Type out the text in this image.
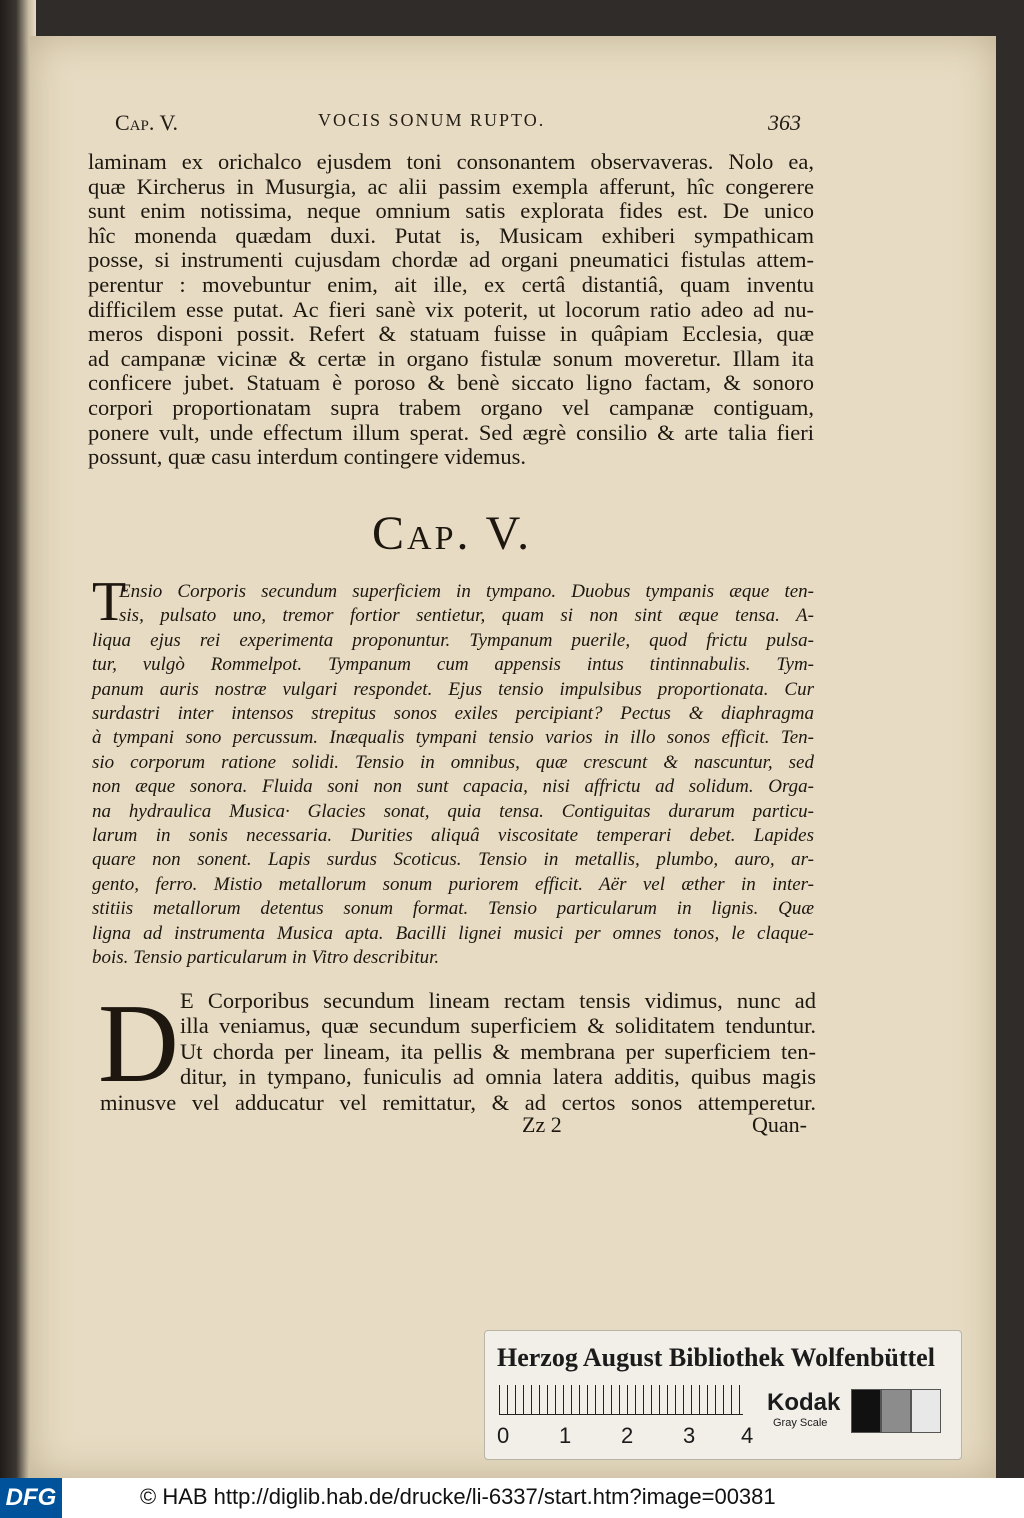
Cap. V.	VOCIS SONUM RUPTO.	363
laminam ex orichalco ejusdem toni consonantem observaveras. Nolo ea,
quæ Kircherus in Musurgia, ac alii passim exempla afferunt, hîc congerere
sunt enim notissima, neque omnium satis explorata fides est. De unico
hîc monenda quædam duxi. Putat is, Musicam exhiberi sympathicam
posse, si instrumenti cujusdam chordæ ad organi pneumatici fistulas attem-
perentur : movebuntur enim, ait ille, ex certâ distantiâ, quam inventu
difficilem esse putat. Ac fieri sanè vix poterit, ut locorum ratio adeo ad nu-
meros disponi possit. Refert & statuam fuisse in quâpiam Ecclesia, quæ
ad campanæ vicinæ & certæ in organo fistulæ sonum moveretur. Illam ita
conficere jubet. Statuam è poroso & benè siccato ligno factam, & sonoro
corpori proportionatam supra trabem organo vel campanæ contiguam,
ponere vult, unde effectum illum sperat. Sed ægrè consilio & arte talia fieri
possunt, quæ casu interdum contingere videmus.
Cap. V.
T
Ensio Corporis secundum superficiem in tympano. Duobus tympanis æque ten-
sis, pulsato uno, tremor fortior sentietur, quam si non sint æque tensa. A-
liqua ejus rei experimenta proponuntur. Tympanum puerile, quod frictu pulsa-
tur, vulgò Rommelpot. Tympanum cum appensis intus tintinnabulis. Tym-
panum auris nostræ vulgari respondet. Ejus tensio impulsibus proportionata. Cur
surdastri inter intensos strepitus sonos exiles percipiant? Pectus & diaphragma
à tympani sono percussum. Inæqualis tympani tensio varios in illo sonos efficit. Ten-
sio corporum ratione solidi. Tensio in omnibus, quæ crescunt & nascuntur, sed
non æque sonora. Fluida soni non sunt capacia, nisi affrictu ad solidum. Orga-
na hydraulica Musica· Glacies sonat, quia tensa. Contiguitas durarum particu-
larum in sonis necessaria. Durities aliquâ viscositate temperari debet. Lapides
quare non sonent. Lapis surdus Scoticus. Tensio in metallis, plumbo, auro, ar-
gento, ferro. Mistio metallorum sonum puriorem efficit. Aër vel æther in inter-
stitiis metallorum detentus sonum format. Tensio particularum in lignis. Quæ
ligna ad instrumenta Musica apta. Bacilli lignei musici per omnes tonos, le claque-
bois. Tensio particularum in Vitro describitur.
D E Corporibus secundum lineam rectam tensis vidimus, nunc ad
illa veniamus, quæ secundum superficiem & soliditatem tenduntur.
Ut chorda per lineam, ita pellis & membrana per superficiem ten-
ditur, in tympano, funiculis ad omnia latera additis, quibus magis
minusve vel adducatur vel remittatur, & ad certos sonos attemperetur.
Zz 2	Quan-
Herzog August Bibliothek Wolfenbüttel
0 1 2 3 4
Kodak
Gray Scale
DFG	© HAB http://diglib.hab.de/drucke/li-6337/start.htm?image=00381
